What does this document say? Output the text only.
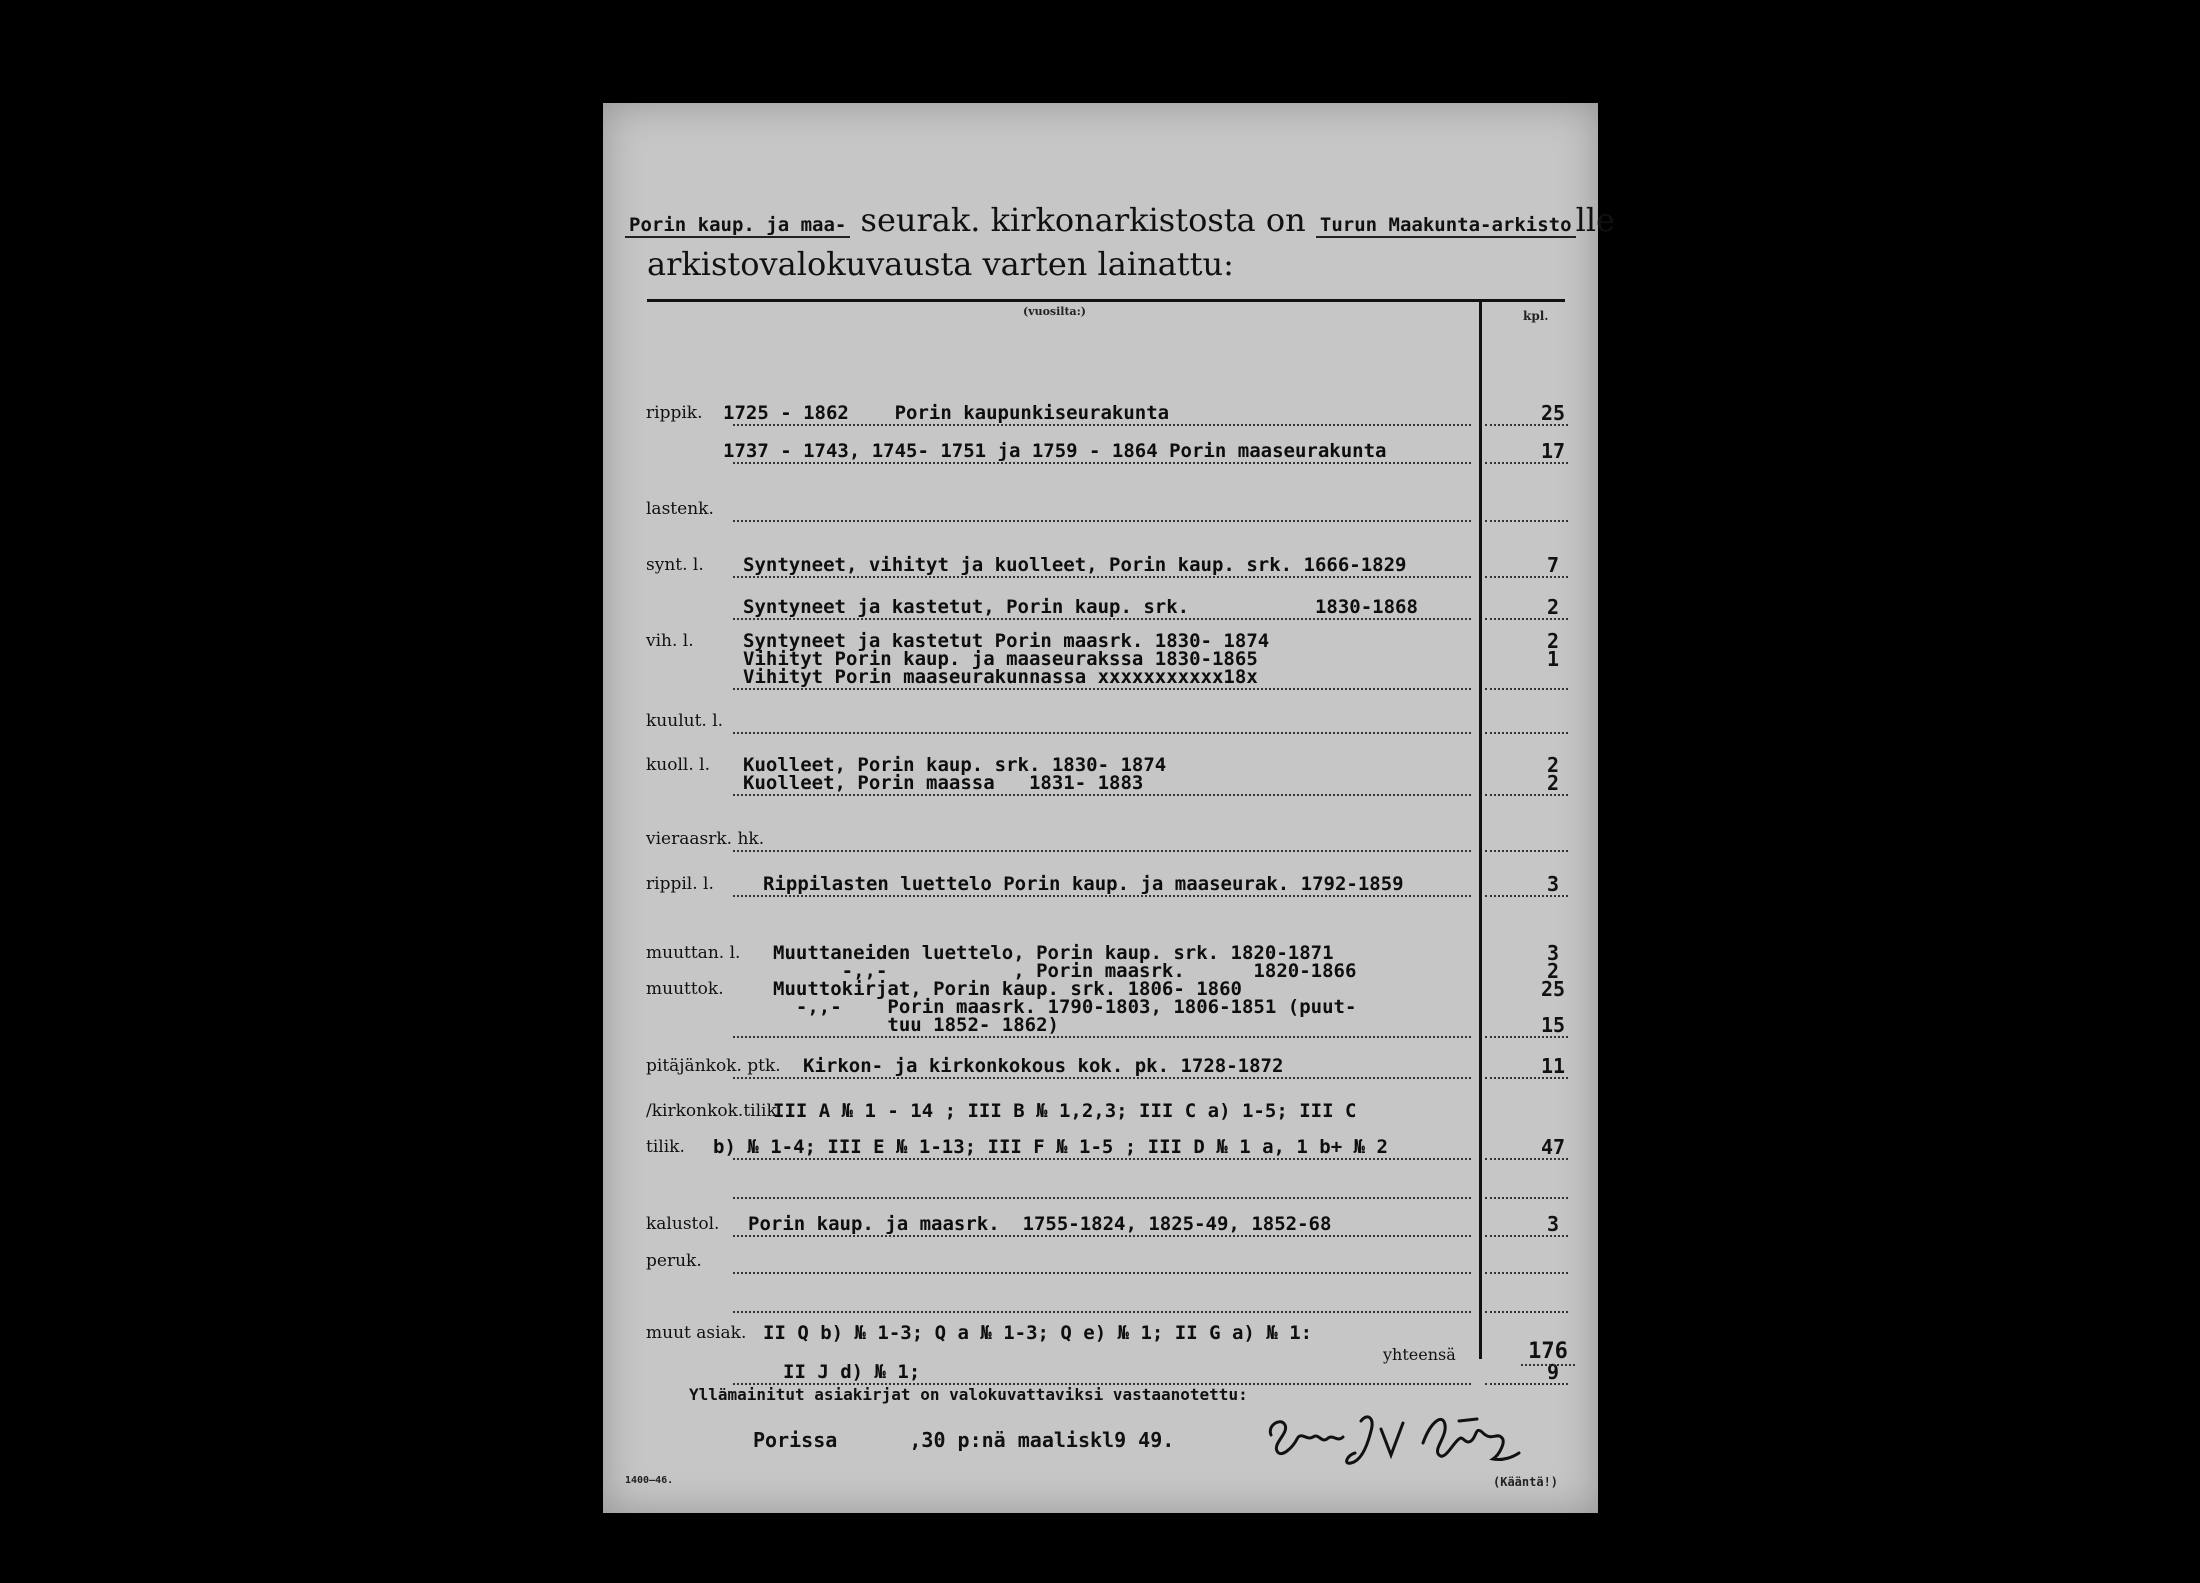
Porin kaup. ja maa- seurak. kirkonarkistosta on Turun Maakunta-arkisto lle
arkistovalokuvausta varten lainattu:
(vuosilta:)	kpl.
rippik. 1725 - 1862    Porin kaupunkiseurakunta	25
1737 - 1743, 1745- 1751 ja 1759 - 1864 Porin maaseurakunta	17
lastenk.
synt. l. Syntyneet, vihityt ja kuolleet, Porin kaup. srk. 1666-1829	7
Syntyneet ja kastetut, Porin kaup. srk.           1830-1868	2
vih. l.	Syntyneet ja kastetut Porin maasrk. 1830- 1874	2
Vihityt Porin kaup. ja maaseurakssa 1830-1865	1
Vihityt Porin maaseurakunnassa xxxxxxxxxxx18x
kuulut. l.
kuoll. l. Kuolleet, Porin kaup. srk. 1830- 1874	2
Kuolleet, Porin maassa   1831- 1883	2
vieraasrk. hk.
rippil. l.	Rippilasten luettelo Porin kaup. ja maaseurak. 1792-1859	3
muuttan. l. Muuttaneiden luettelo, Porin kaup. srk. 1820-1871	3
-,,-           , Porin maasrk.      1820-1866	2
muuttok.	Muuttokirjat, Porin kaup. srk. 1806- 1860	25
-,,-    Porin maasrk. 1790-1803, 1806-1851 (puut-
tuu 1852- 1862)	15
pitäjänkok. ptk. Kirkon- ja kirkonkokous kok. pk. 1728-1872	11
/kirkonkok.tilik
III A № 1 - 14 ; III B № 1,2,3; III C a) 1-5; III C
tilik. b) № 1-4; III E № 1-13; III F № 1-5 ; III D № 1 a, 1 b+ № 2	47
kalustol. Porin kaup. ja maasrk.  1755-1824, 1825-49, 1852-68	3
peruk.
muut asiak. II Q b) № 1-3; Q a № 1-3; Q e) № 1; II G a) № 1:
II J d) № 1;	9
yhteensä	176
Yllämainitut asiakirjat on valokuvattaviksi vastaanotettu:
Porissa	,30 p:nä maaliskl9 49.
1400—46.	(Kääntä!)
